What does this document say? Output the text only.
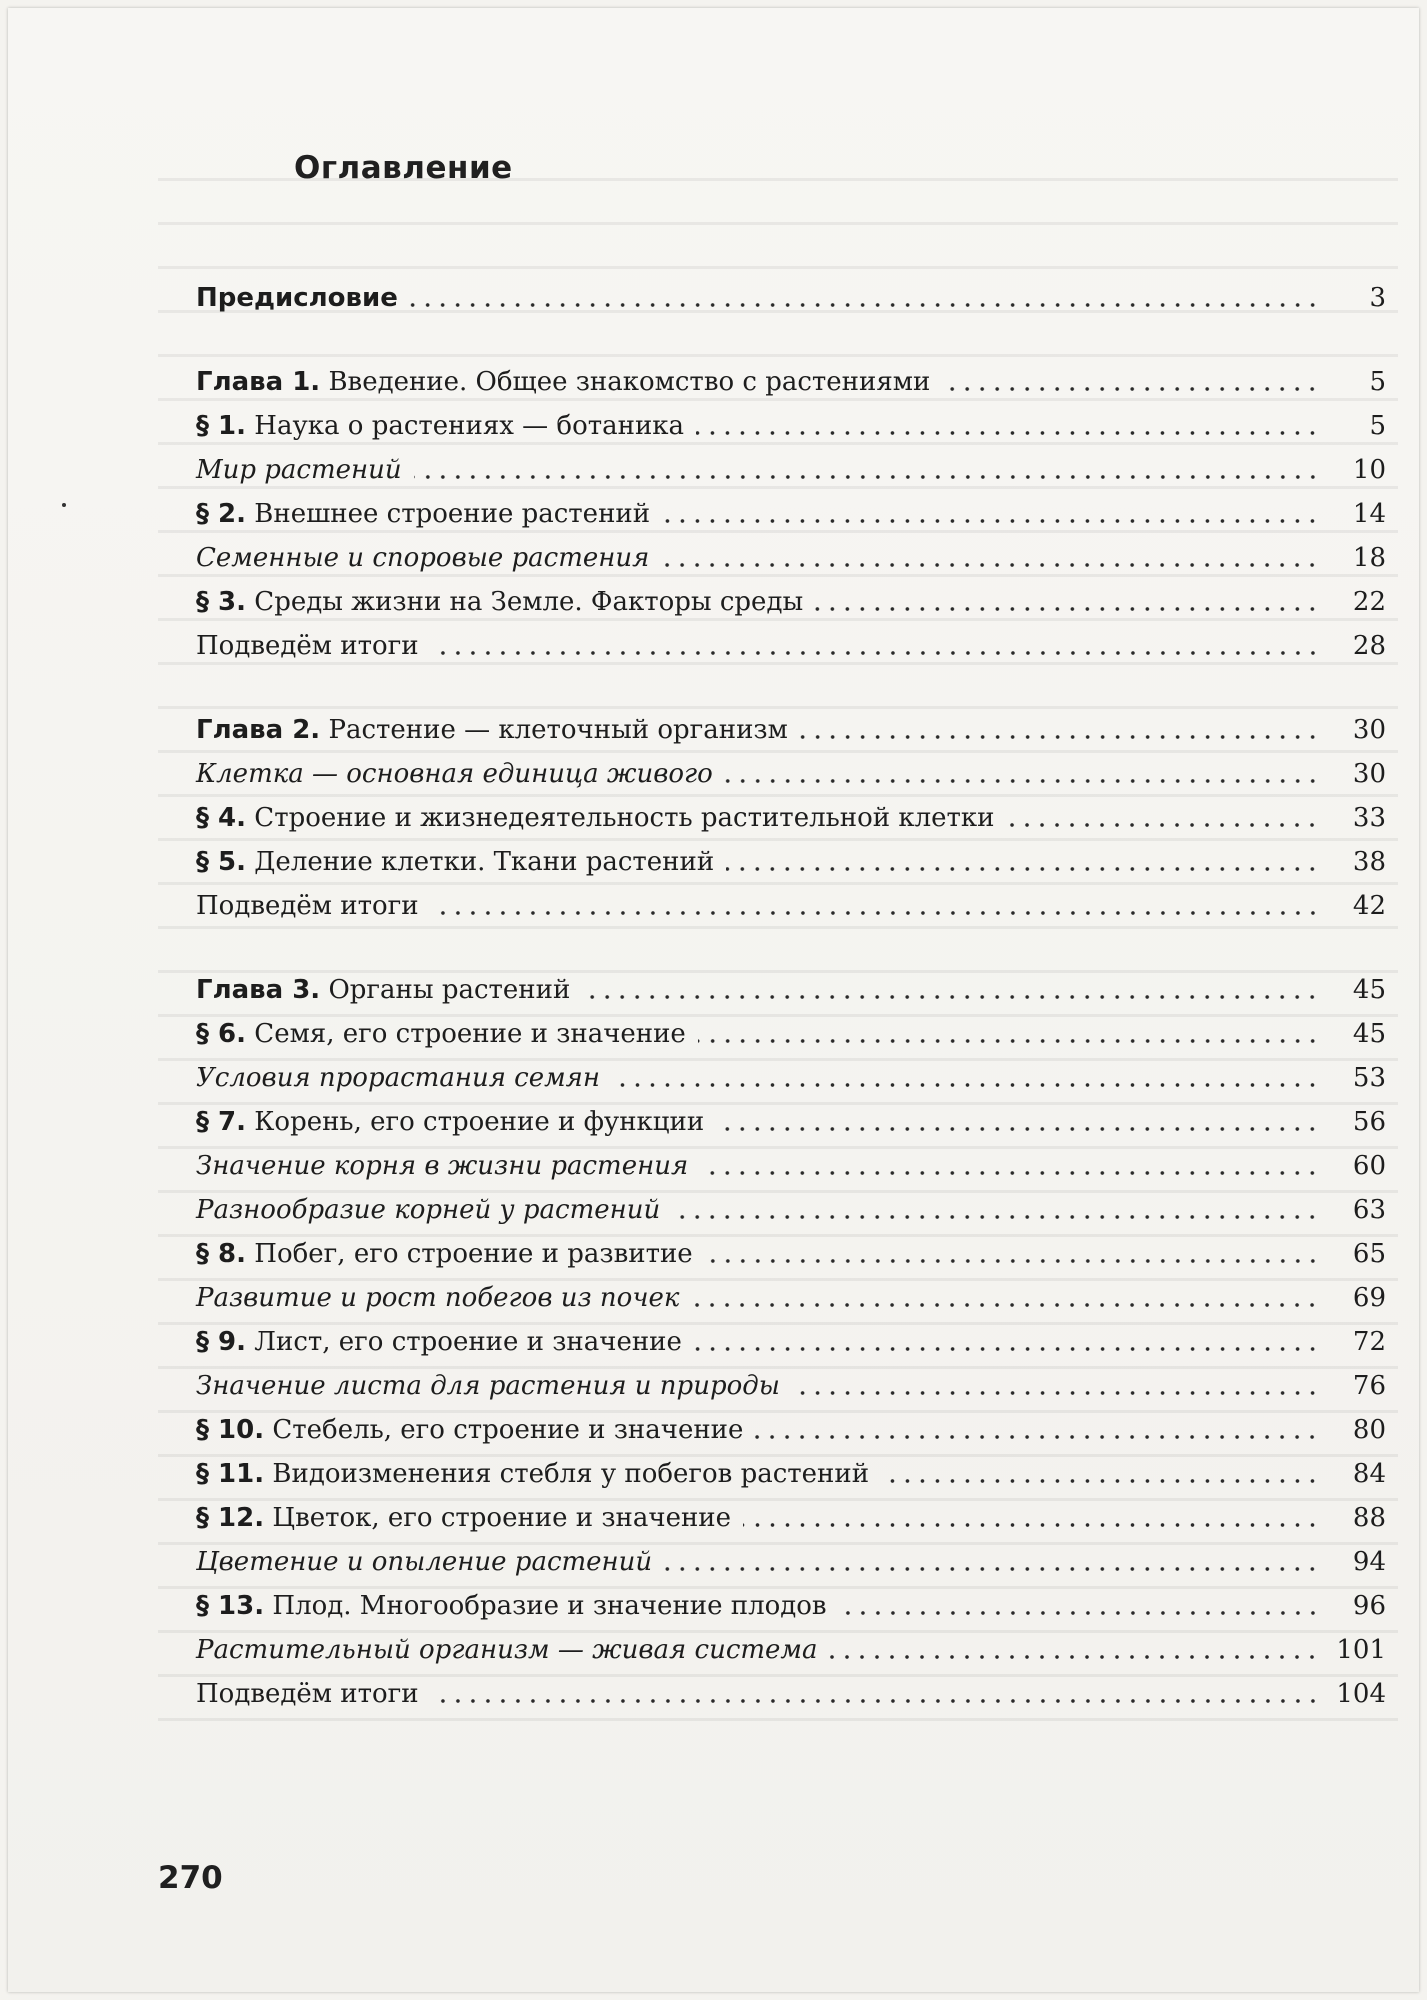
Оглавление
Предисловие	3
Глава 1. Введение. Общее знакомство с растениями	5
§ 1. Наука о растениях — ботаника	5
Мир растений	10
§ 2. Внешнее строение растений	14
Семенные и споровые растения	18
§ 3. Среды жизни на Земле. Факторы среды	22
Подведём итоги	28
Глава 2. Растение — клеточный организм	30
Клетка — основная единица живого	30
§ 4. Строение и жизнедеятельность растительной клетки	33
§ 5. Деление клетки. Ткани растений	38
Подведём итоги	42
Глава 3. Органы растений	45
§ 6. Семя, его строение и значение	45
Условия прорастания семян	53
§ 7. Корень, его строение и функции	56
Значение корня в жизни растения	60
Разнообразие корней у растений	63
§ 8. Побег, его строение и развитие	65
Развитие и рост побегов из почек	69
§ 9. Лист, его строение и значение	72
Значение листа для растения и природы	76
§ 10. Стебель, его строение и значение	80
§ 11. Видоизменения стебля у побегов растений	84
§ 12. Цветок, его строение и значение	88
Цветение и опыление растений	94
§ 13. Плод. Многообразие и значение плодов	96
Растительный организм — живая система	101
Подведём итоги	104
270
